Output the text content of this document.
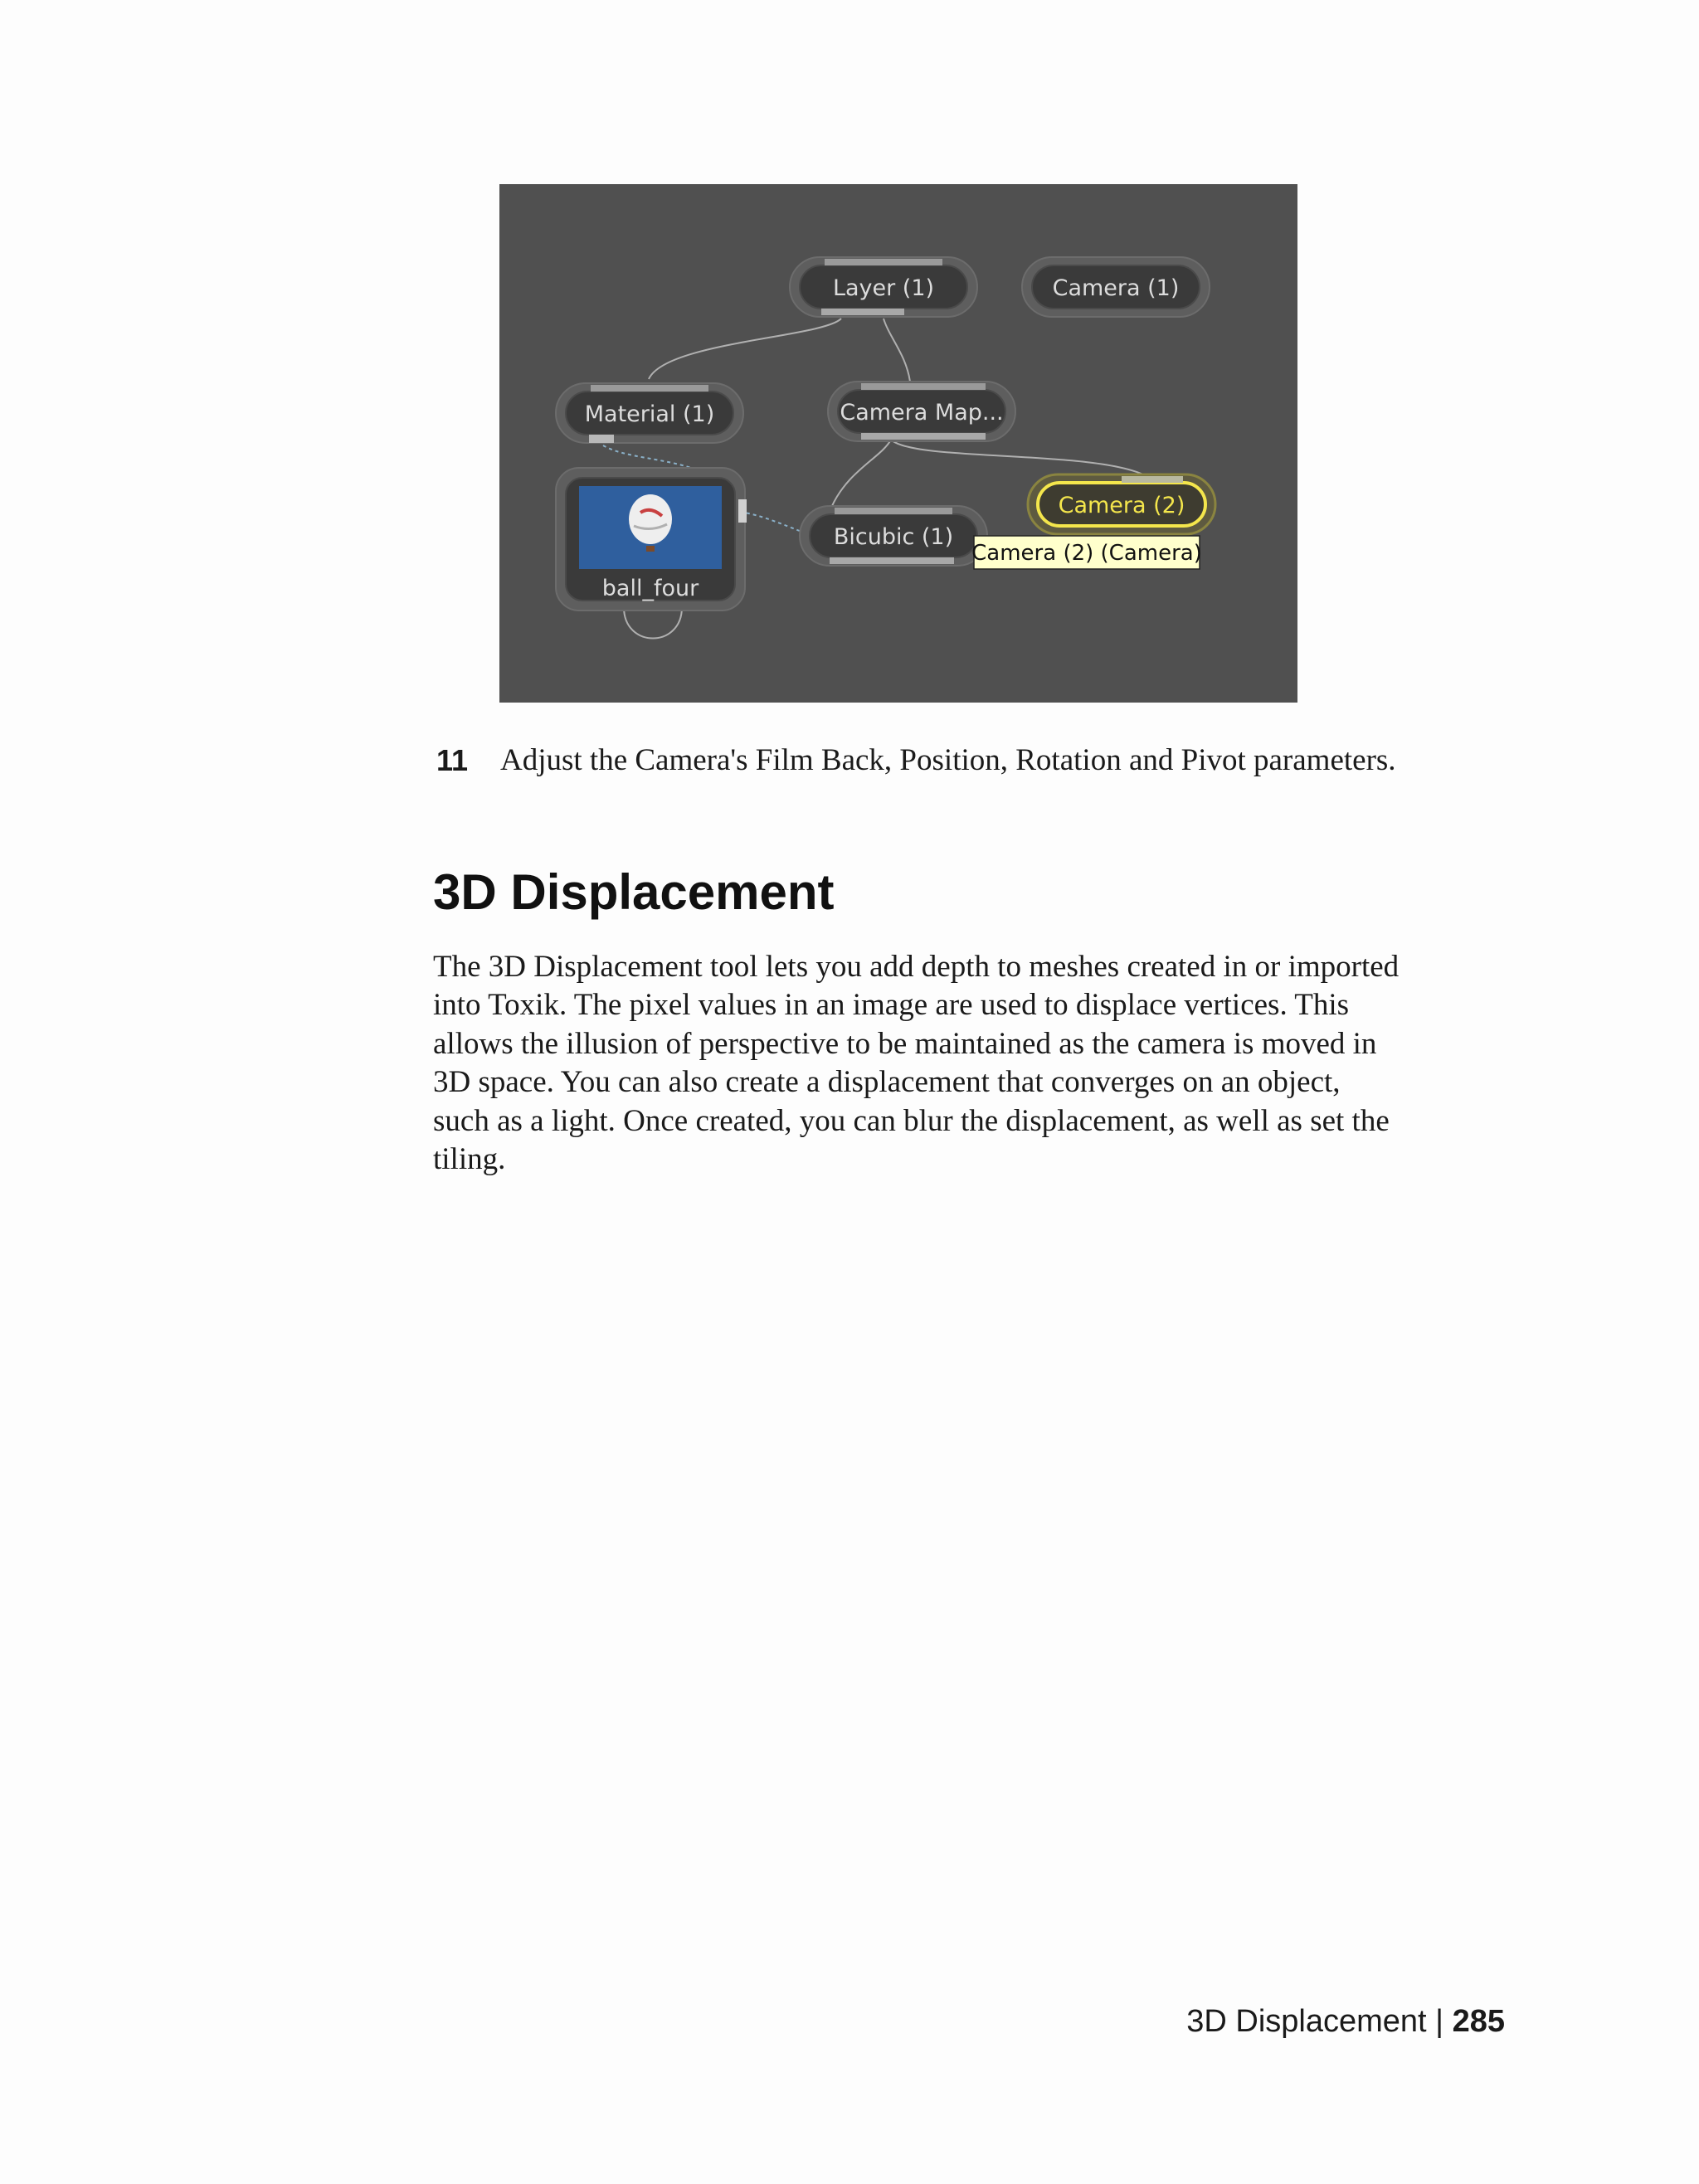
Layer (1)	Camera (1)
Material (1)	Camera Map...
Camera (2)
Bicubic (1)
ball_four
Camera (2) (Camera)
11	Adjust the Camera's Film Back, Position, Rotation and Pivot parameters.
3D Displacement

The 3D Displacement tool lets you add depth to meshes created in or imported
into Toxik. The pixel values in an image are used to displace vertices. This
allows the illusion of perspective to be maintained as the camera is moved in
3D space. You can also create a displacement that converges on an object,
such as a light. Once created, you can blur the displacement, as well as set the
tiling.

3D Displacement | 285
